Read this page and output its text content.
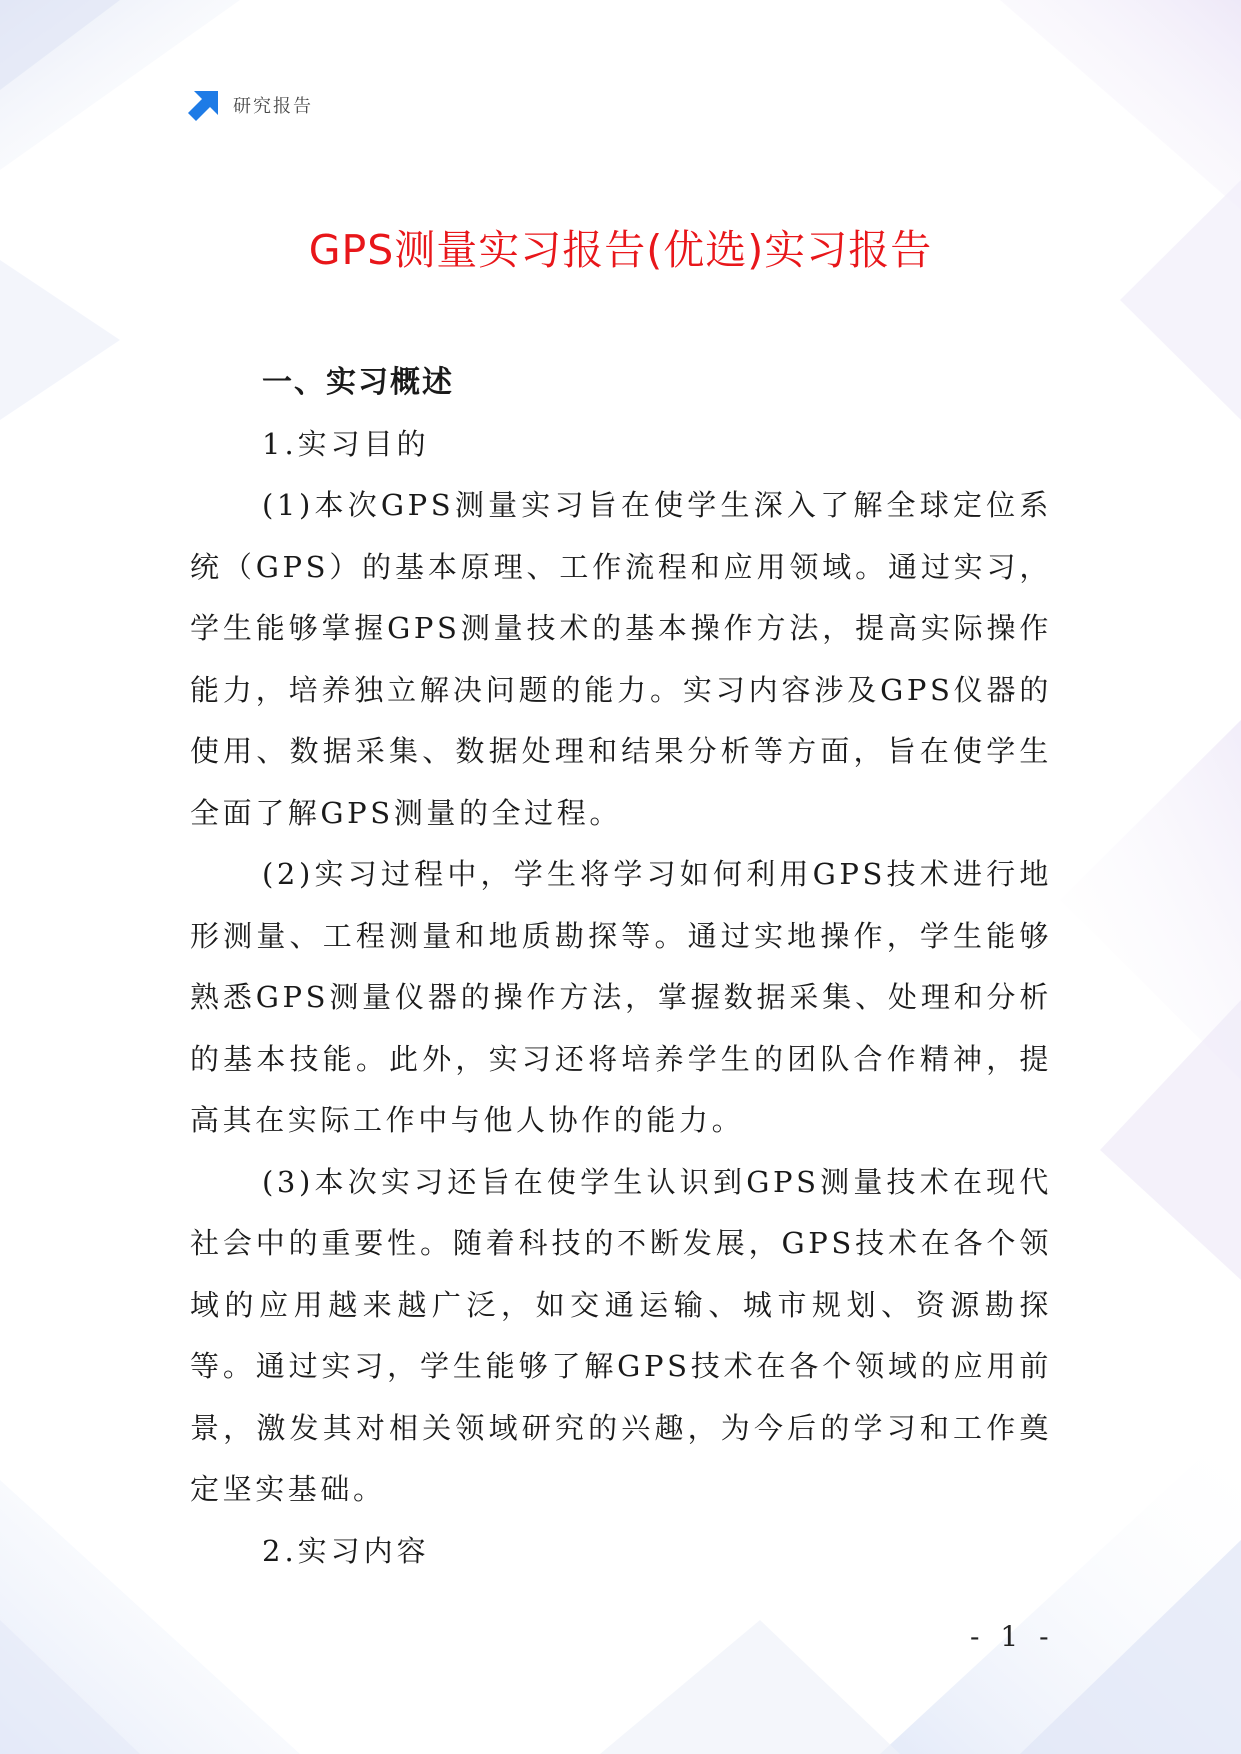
研究报告
GPS测量实习报告(优选)实习报告

一、实习概述

1.实习目的

(1)本次GPS测量实习旨在使学生深入了解全球定位系统（GPS）的基本原理、工作流程和应用领域。通过实习，学生能够掌握GPS测量技术的基本操作方法，提高实际操作能力，培养独立解决问题的能力。实习内容涉及GPS仪器的使用、数据采集、数据处理和结果分析等方面，旨在使学生全面了解GPS测量的全过程。

(2)实习过程中，学生将学习如何利用GPS技术进行地形测量、工程测量和地质勘探等。通过实地操作，学生能够熟悉GPS测量仪器的操作方法，掌握数据采集、处理和分析的基本技能。此外，实习还将培养学生的团队合作精神，提高其在实际工作中与他人协作的能力。

(3)本次实习还旨在使学生认识到GPS测量技术在现代社会中的重要性。随着科技的不断发展，GPS技术在各个领域的应用越来越广泛，如交通运输、城市规划、资源勘探等。通过实习，学生能够了解GPS技术在各个领域的应用前景，激发其对相关领域研究的兴趣，为今后的学习和工作奠定坚实基础。

2.实习内容

- 1 -
